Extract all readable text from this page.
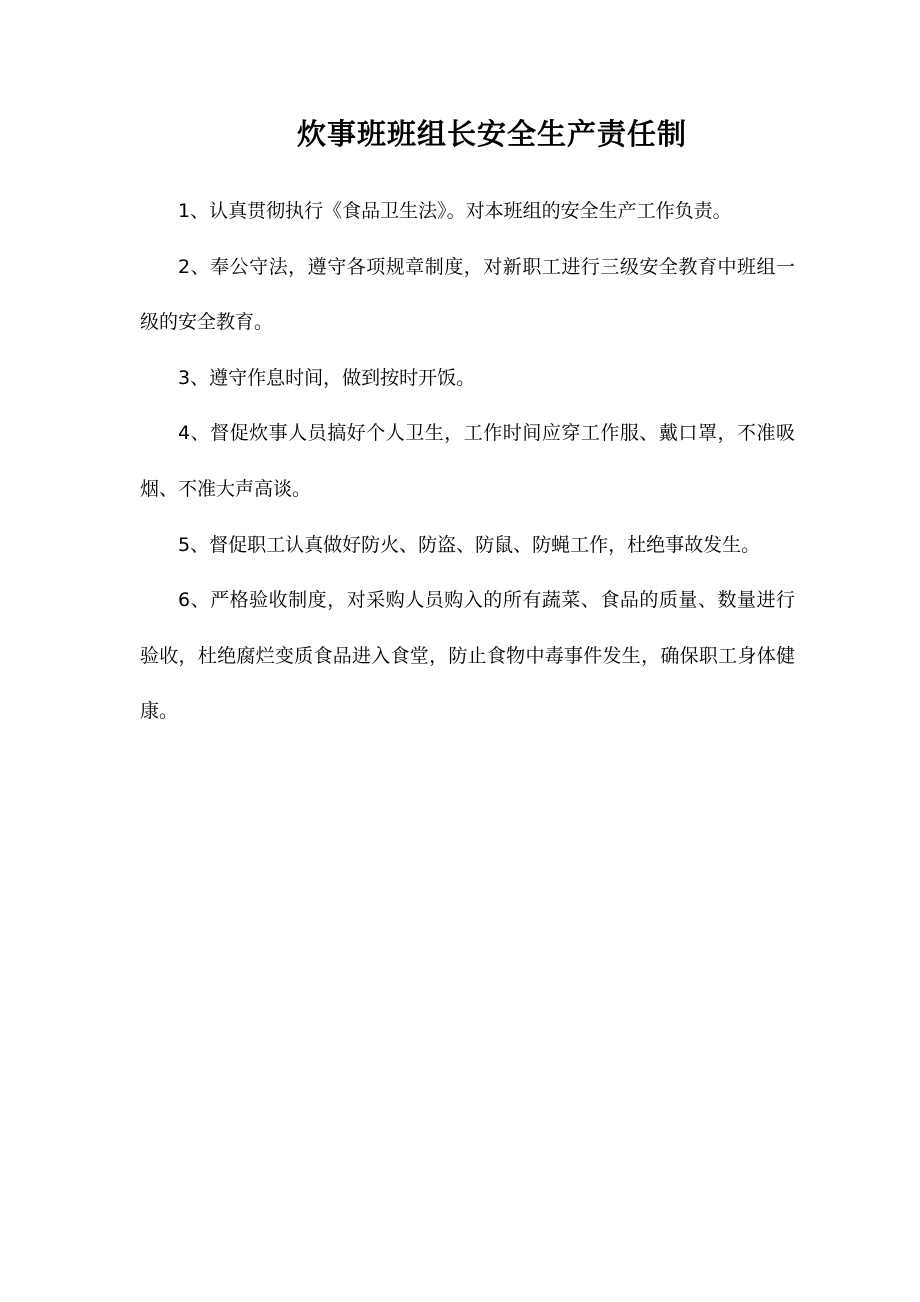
炊事班班组长安全生产责任制

1、认真贯彻执行《食品卫生法》。对本班组的安全生产工作负责。

2、奉公守法，遵守各项规章制度，对新职工进行三级安全教育中班组一级的安全教育。

3、遵守作息时间，做到按时开饭。

4、督促炊事人员搞好个人卫生，工作时间应穿工作服、戴口罩，不准吸烟、不准大声高谈。

5、督促职工认真做好防火、防盗、防鼠、防蝇工作，杜绝事故发生。

6、严格验收制度，对采购人员购入的所有蔬菜、食品的质量、数量进行验收，杜绝腐烂变质食品进入食堂，防止食物中毒事件发生，确保职工身体健康。
